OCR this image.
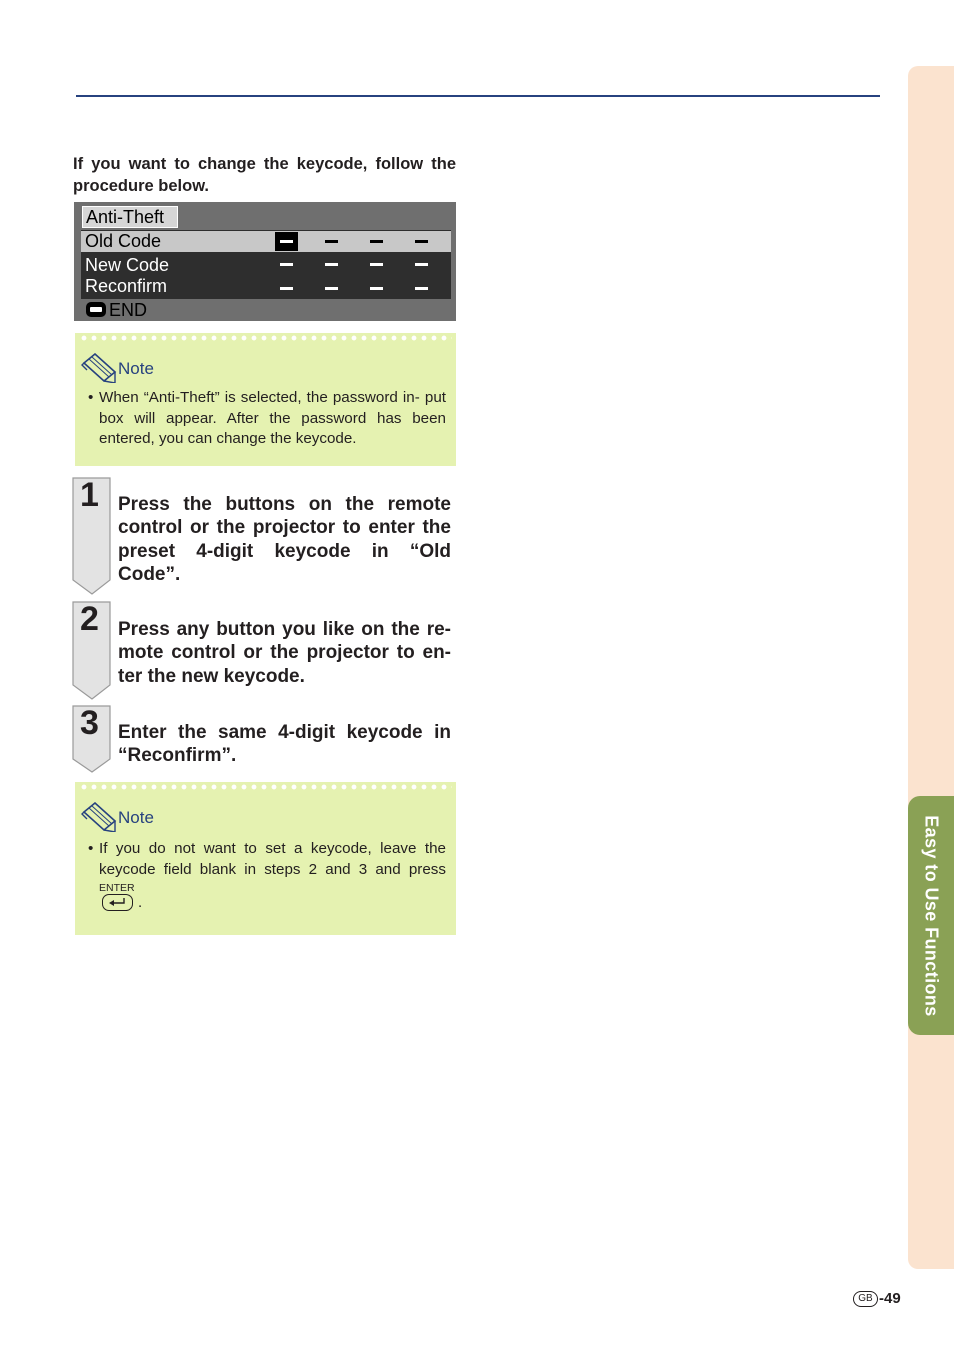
Easy to Use Functions
If you want to change the keycode, follow the procedure below.
Anti-Theft
Old Code
New Code
Reconfirm
END
Note
• When “Anti-Theft” is selected, the password in- put box will appear. After the password has been entered, you can change the keycode.
1 Press the buttons on the remote control or the projector to enter the preset 4-digit keycode in “Old Code”.
2 Press any button you like on the re- mote control or the projector to en- ter the new keycode.
3 Enter the same 4-digit keycode in “Reconfirm”.
Note
• If you do not want to set a keycode, leave the keycode field blank in steps 2 and 3 and press
ENTER
.
GB -49
